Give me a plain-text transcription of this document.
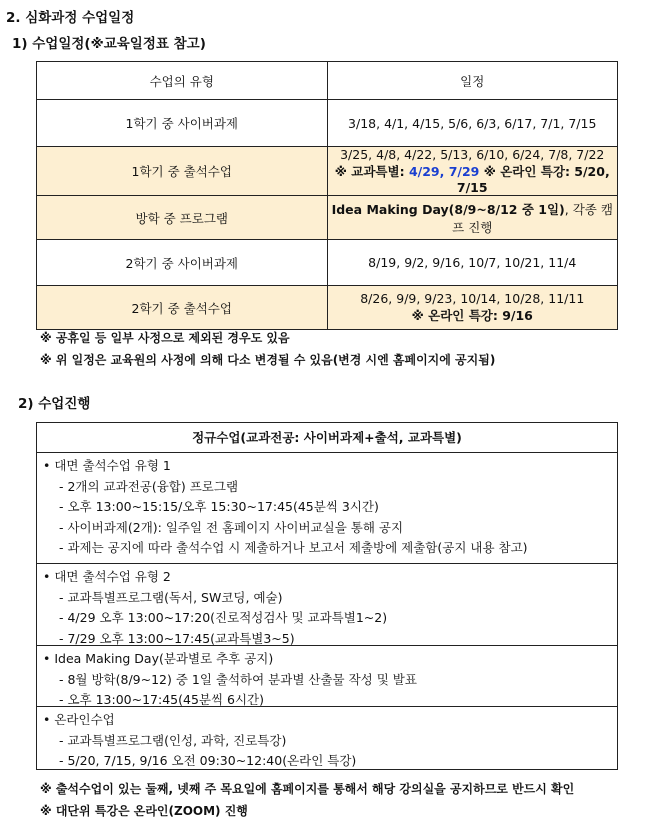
2. 심화과정 수업일정
1) 수업일정(※교육일정표 참고)
수업의 유형	일정
1학기 중 사이버과제	3/18, 4/1, 4/15, 5/6, 6/3, 6/17, 7/1, 7/15
1학기 중 출석수업	3/25, 4/8, 4/22, 5/13, 6/10, 6/24, 7/8, 7/22
※ 교과특별: 4/29, 7/29 ※ 온라인 특강: 5/20, 7/15

방학 중 프로그램	Idea Making Day(8/9~8/12 중 1일), 각종 캠프 진행
2학기 중 사이버과제	8/19, 9/2, 9/16, 10/7, 10/21, 11/4
2학기 중 출석수업	8/26, 9/9, 9/23, 10/14, 10/28, 11/11
※ 온라인 특강: 9/16
※ 공휴일 등 일부 사정으로 제외된 경우도 있음
※ 위 일정은 교육원의 사정에 의해 다소 변경될 수 있음(변경 시엔 홈페이지에 공지됨)
2) 수업진행
정규수업(교과전공: 사이버과제+출석, 교과특별)
• 대면 출석수업 유형 1
- 2개의 교과전공(융합) 프로그램
- 오후 13:00~15:15/오후 15:30~17:45(45분씩 3시간)
- 사이버과제(2개): 일주일 전 홈페이지 사이버교실을 통해 공지
- 과제는 공지에 따라 출석수업 시 제출하거나 보고서 제출방에 제출함(공지 내용 참고)
• 대면 출석수업 유형 2
- 교과특별프로그램(독서, SW코딩, 예술)
- 4/29 오후 13:00~17:20(진로적성검사 및 교과특별1~2)
- 7/29 오후 13:00~17:45(교과특별3~5)
• Idea Making Day(분과별로 추후 공지)
- 8월 방학(8/9~12) 중 1일 출석하여 분과별 산출물 작성 및 발표
- 오후 13:00~17:45(45분씩 6시간)
• 온라인수업
- 교과특별프로그램(인성, 과학, 진로특강)
- 5/20, 7/15, 9/16 오전 09:30~12:40(온라인 특강)
※ 출석수업이 있는 둘째, 넷째 주 목요일에 홈페이지를 통해서 해당 강의실을 공지하므로 반드시 확인
※ 대단위 특강은 온라인(ZOOM) 진행
